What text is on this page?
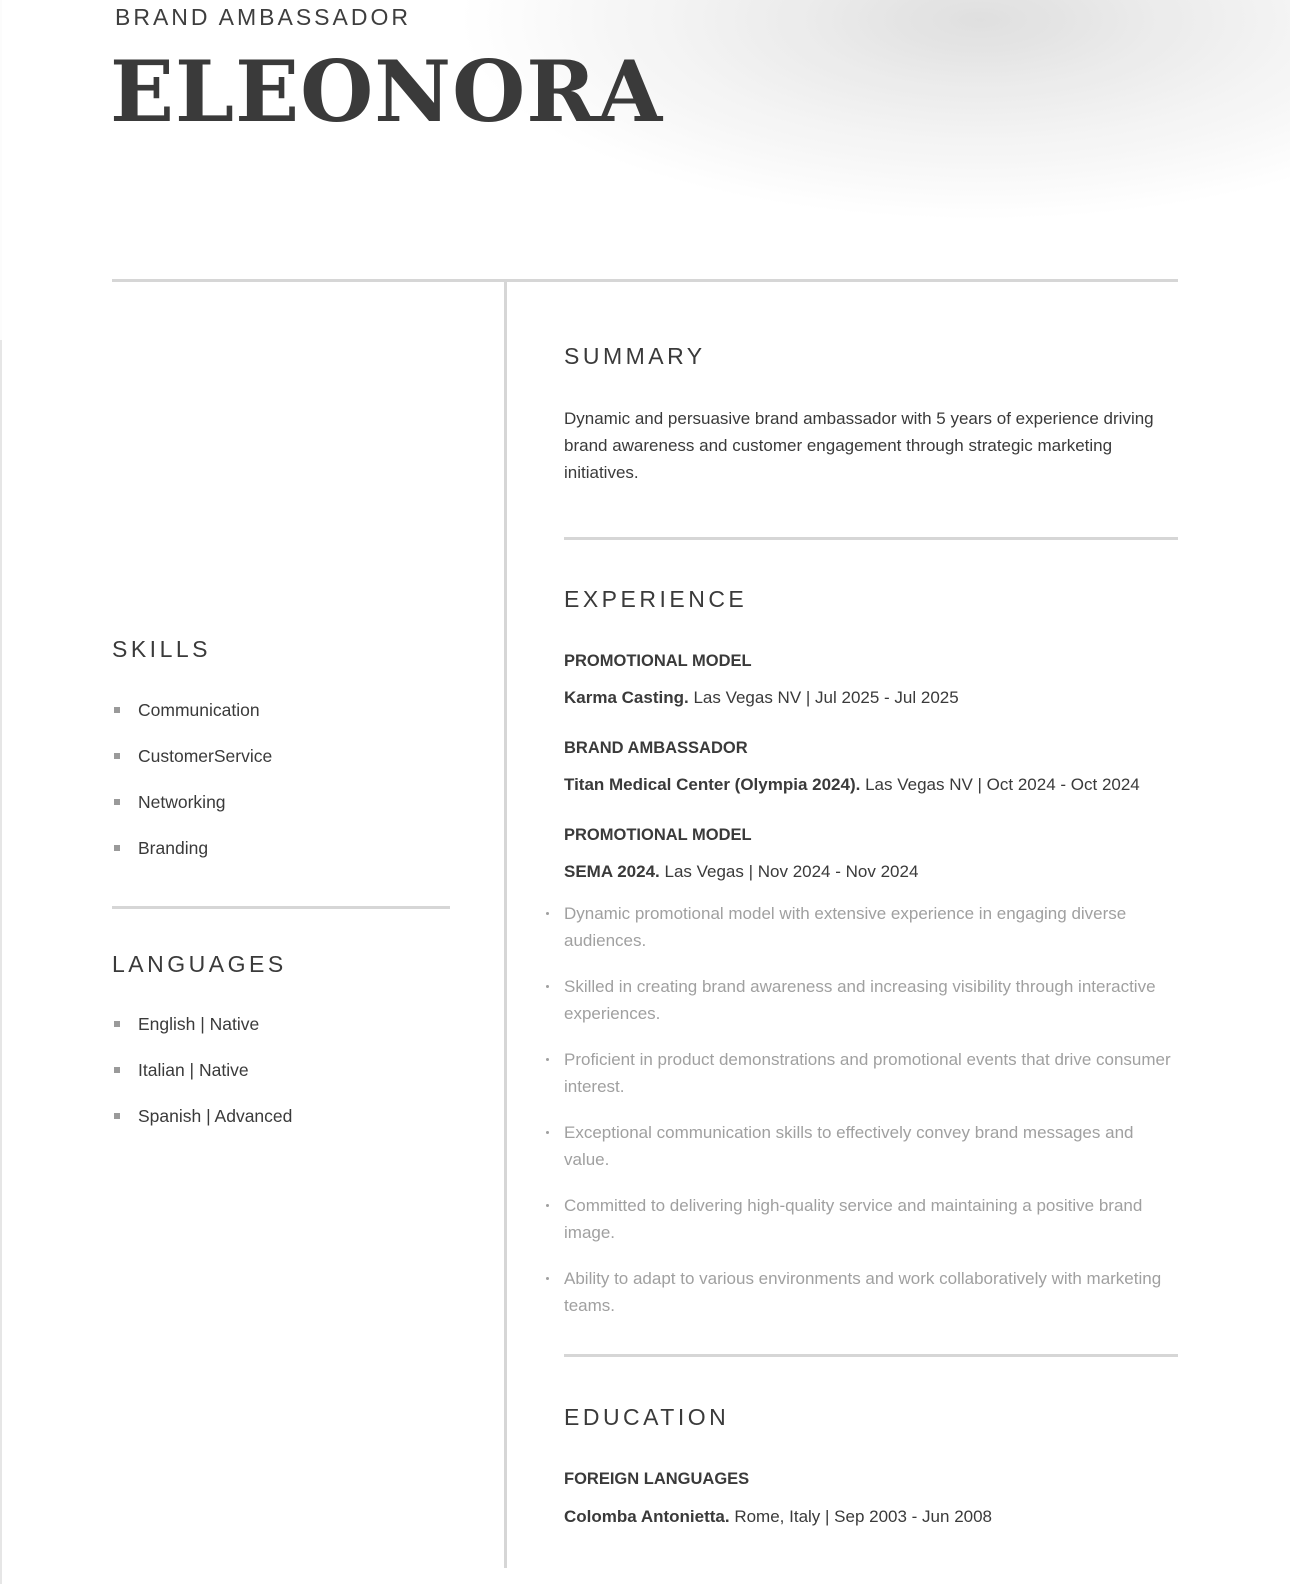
BRAND AMBASSADOR
ELEONORA
SKILLS
Communication
CustomerService
Networking
Branding
LANGUAGES
English | Native
Italian | Native
Spanish | Advanced
SUMMARY
Dynamic and persuasive brand ambassador with 5 years of experience driving brand awareness and customer engagement through strategic marketing initiatives.
EXPERIENCE
PROMOTIONAL MODEL
Karma Casting. Las Vegas NV | Jul 2025 - Jul 2025
BRAND AMBASSADOR
Titan Medical Center (Olympia 2024). Las Vegas NV | Oct 2024 - Oct 2024
PROMOTIONAL MODEL
SEMA 2024. Las Vegas | Nov 2024 - Nov 2024
Dynamic promotional model with extensive experience in engaging diverse audiences.
Skilled in creating brand awareness and increasing visibility through interactive experiences.
Proficient in product demonstrations and promotional events that drive consumer interest.
Exceptional communication skills to effectively convey brand messages and value.
Committed to delivering high-quality service and maintaining a positive brand image.
Ability to adapt to various environments and work collaboratively with marketing teams.
EDUCATION
FOREIGN LANGUAGES
Colomba Antonietta. Rome, Italy | Sep 2003 - Jun 2008
